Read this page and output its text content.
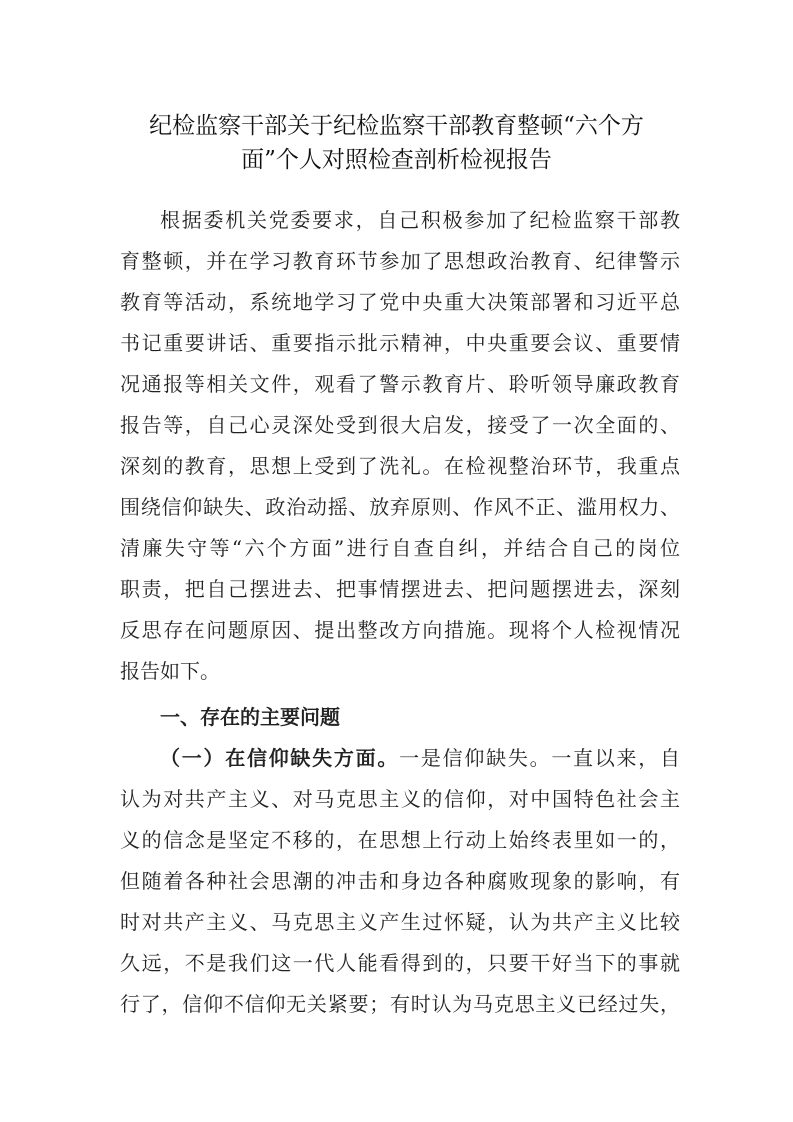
纪检监察干部关于纪检监察干部教育整顿“六个方
面”个人对照检查剖析检视报告
根据委机关党委要求，自己积极参加了纪检监察干部教
育整顿，并在学习教育环节参加了思想政治教育、纪律警示
教育等活动，系统地学习了党中央重大决策部署和习近平总
书记重要讲话、重要指示批示精神，中央重要会议、重要情
况通报等相关文件，观看了警示教育片、聆听领导廉政教育
报告等，自己心灵深处受到很大启发，接受了一次全面的、
深刻的教育，思想上受到了洗礼。在检视整治环节，我重点
围绕信仰缺失、政治动摇、放弃原则、作风不正、滥用权力、
清廉失守等“六个方面”进行自查自纠，并结合自己的岗位
职责，把自己摆进去、把事情摆进去、把问题摆进去，深刻
反思存在问题原因、提出整改方向措施。现将个人检视情况
报告如下。
一、存在的主要问题
（一）在信仰缺失方面。一是信仰缺失。一直以来，自
认为对共产主义、对马克思主义的信仰，对中国特色社会主
义的信念是坚定不移的，在思想上行动上始终表里如一的，
但随着各种社会思潮的冲击和身边各种腐败现象的影响，有
时对共产主义、马克思主义产生过怀疑，认为共产主义比较
久远，不是我们这一代人能看得到的，只要干好当下的事就
行了，信仰不信仰无关紧要；有时认为马克思主义已经过失，
